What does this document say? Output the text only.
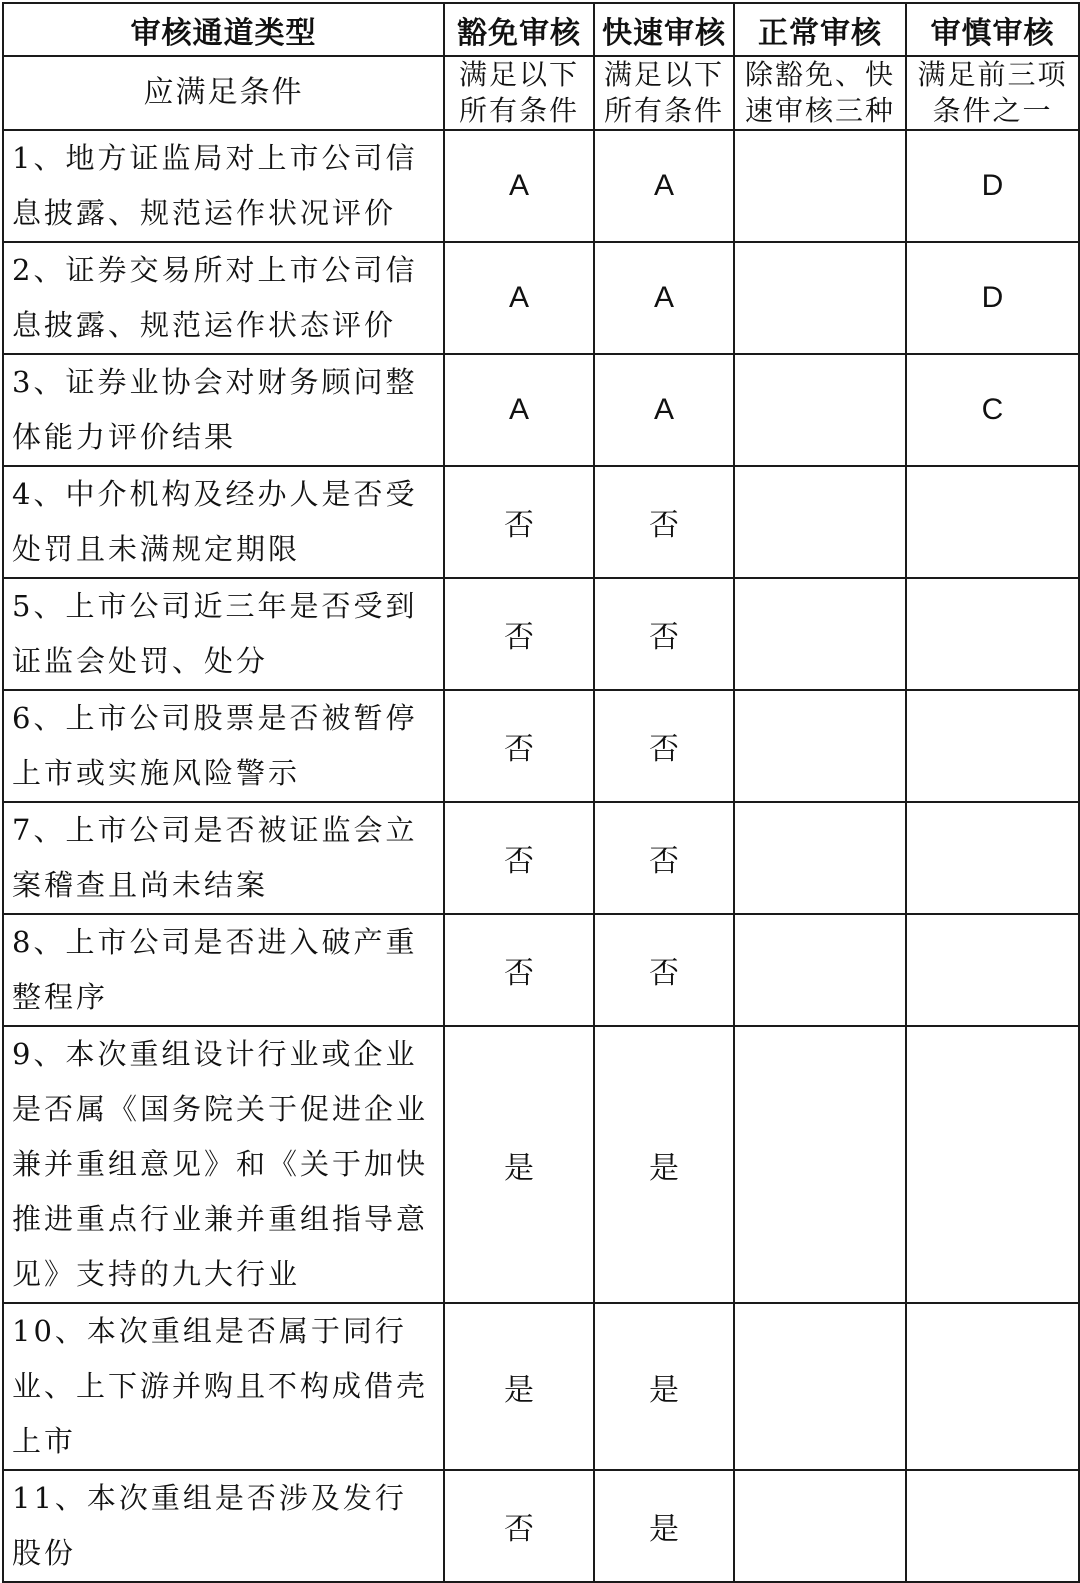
审核通道类型	豁免审核	快速审核	正常审核	审慎审核
应满足条件	满足以下所有条件	满足以下所有条件	除豁免、快速审核三种	满足前三项条件之一
1、地方证监局对上市公司信息披露、规范运作状况评价	A	A		D
2、证券交易所对上市公司信息披露、规范运作状态评价	A	A		D
3、证券业协会对财务顾问整体能力评价结果	A	A		C
4、中介机构及经办人是否受处罚且未满规定期限	否	否		
5、上市公司近三年是否受到证监会处罚、处分	否	否		
6、上市公司股票是否被暂停上市或实施风险警示	否	否		
7、上市公司是否被证监会立案稽查且尚未结案	否	否		
8、上市公司是否进入破产重整程序	否	否		
9、本次重组设计行业或企业是否属《国务院关于促进企业兼并重组意见》和《关于加快推进重点行业兼并重组指导意见》支持的九大行业	是	是		
10、本次重组是否属于同行业、上下游并购且不构成借壳上市	是	是		
11、本次重组是否涉及发行股份	否	是		
